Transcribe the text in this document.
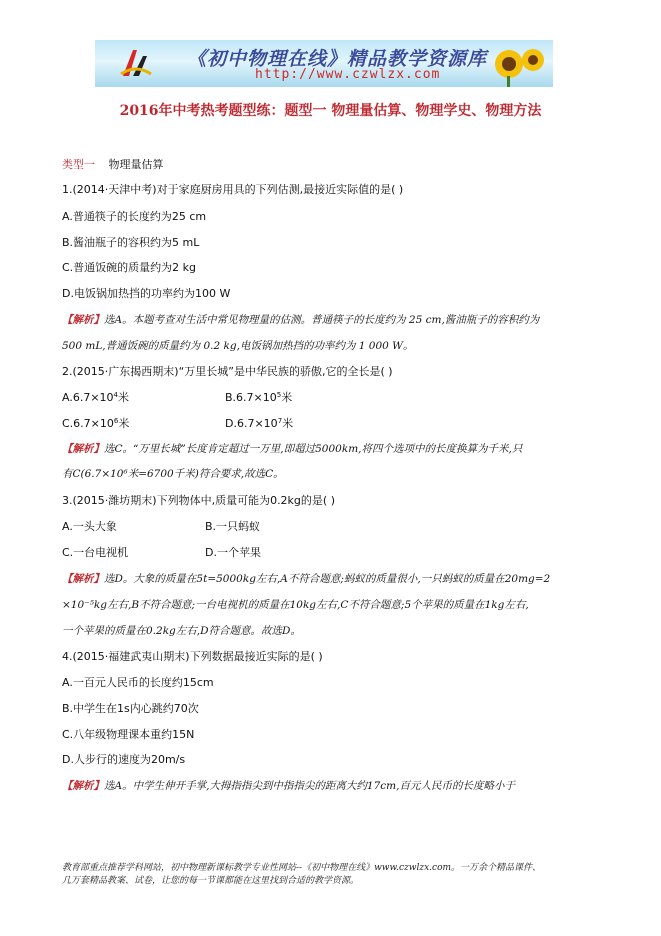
《初中物理在线》精品教学资源库
http://www.czwlzx.com
2016年中考热考题型练：题型一 物理量估算、物理学史、物理方法
类型一 物理量估算
1.(2014·天津中考)对于家庭厨房用具的下列估测,最接近实际值的是( )
A.普通筷子的长度约为25 cm
B.酱油瓶子的容积约为5 mL
C.普通饭碗的质量约为2 kg
D.电饭锅加热挡的功率约为100 W
【解析】选A。本题考查对生活中常见物理量的估测。普通筷子的长度约为 25 cm,酱油瓶子的容积约为
500 mL,普通饭碗的质量约为 0.2 kg,电饭锅加热挡的功率约为 1 000 W。
2.(2015·广东揭西期末)“万里长城”是中华民族的骄傲,它的全长是( )
$A.6.7\times 10^4$米	$B.6.7\times 10^5$米
$C.6.7\times 10^6$米	$D.6.7\times 10^7$米
【解析】选C。“万里长城”长度肯定超过一万里,即超过5000km,将四个选项中的长度换算为千米,只
有C(6.7×10⁶米=6700千米)符合要求,故选C。
3.(2015·潍坊期末)下列物体中,质量可能为0.2kg的是( )
A.一头大象	B.一只蚂蚁
C.一台电视机	D.一个苹果
【解析】选D。大象的质量在5t=5000kg左右,A不符合题意;蚂蚁的质量很小,一只蚂蚁的质量在20mg=2
×10⁻⁵kg左右,B不符合题意;一台电视机的质量在10kg左右,C不符合题意;5个苹果的质量在1kg左右,
一个苹果的质量在0.2kg左右,D符合题意。故选D。
4.(2015·福建武夷山期末)下列数据最接近实际的是( )
A.一百元人民币的长度约15cm
B.中学生在1s内心跳约70次
C.八年级物理课本重约15N
D.人步行的速度为20m/s
【解析】选A。中学生伸开手掌,大拇指指尖到中指指尖的距离大约17cm,百元人民币的长度略小于
教育部重点推荐学科网站，初中物理新课标教学专业性网站--《初中物理在线》www.czwlzx.com。一万余个精品课件、
几万套精品教案、试卷，让您的每一节课都能在这里找到合适的教学资源。
